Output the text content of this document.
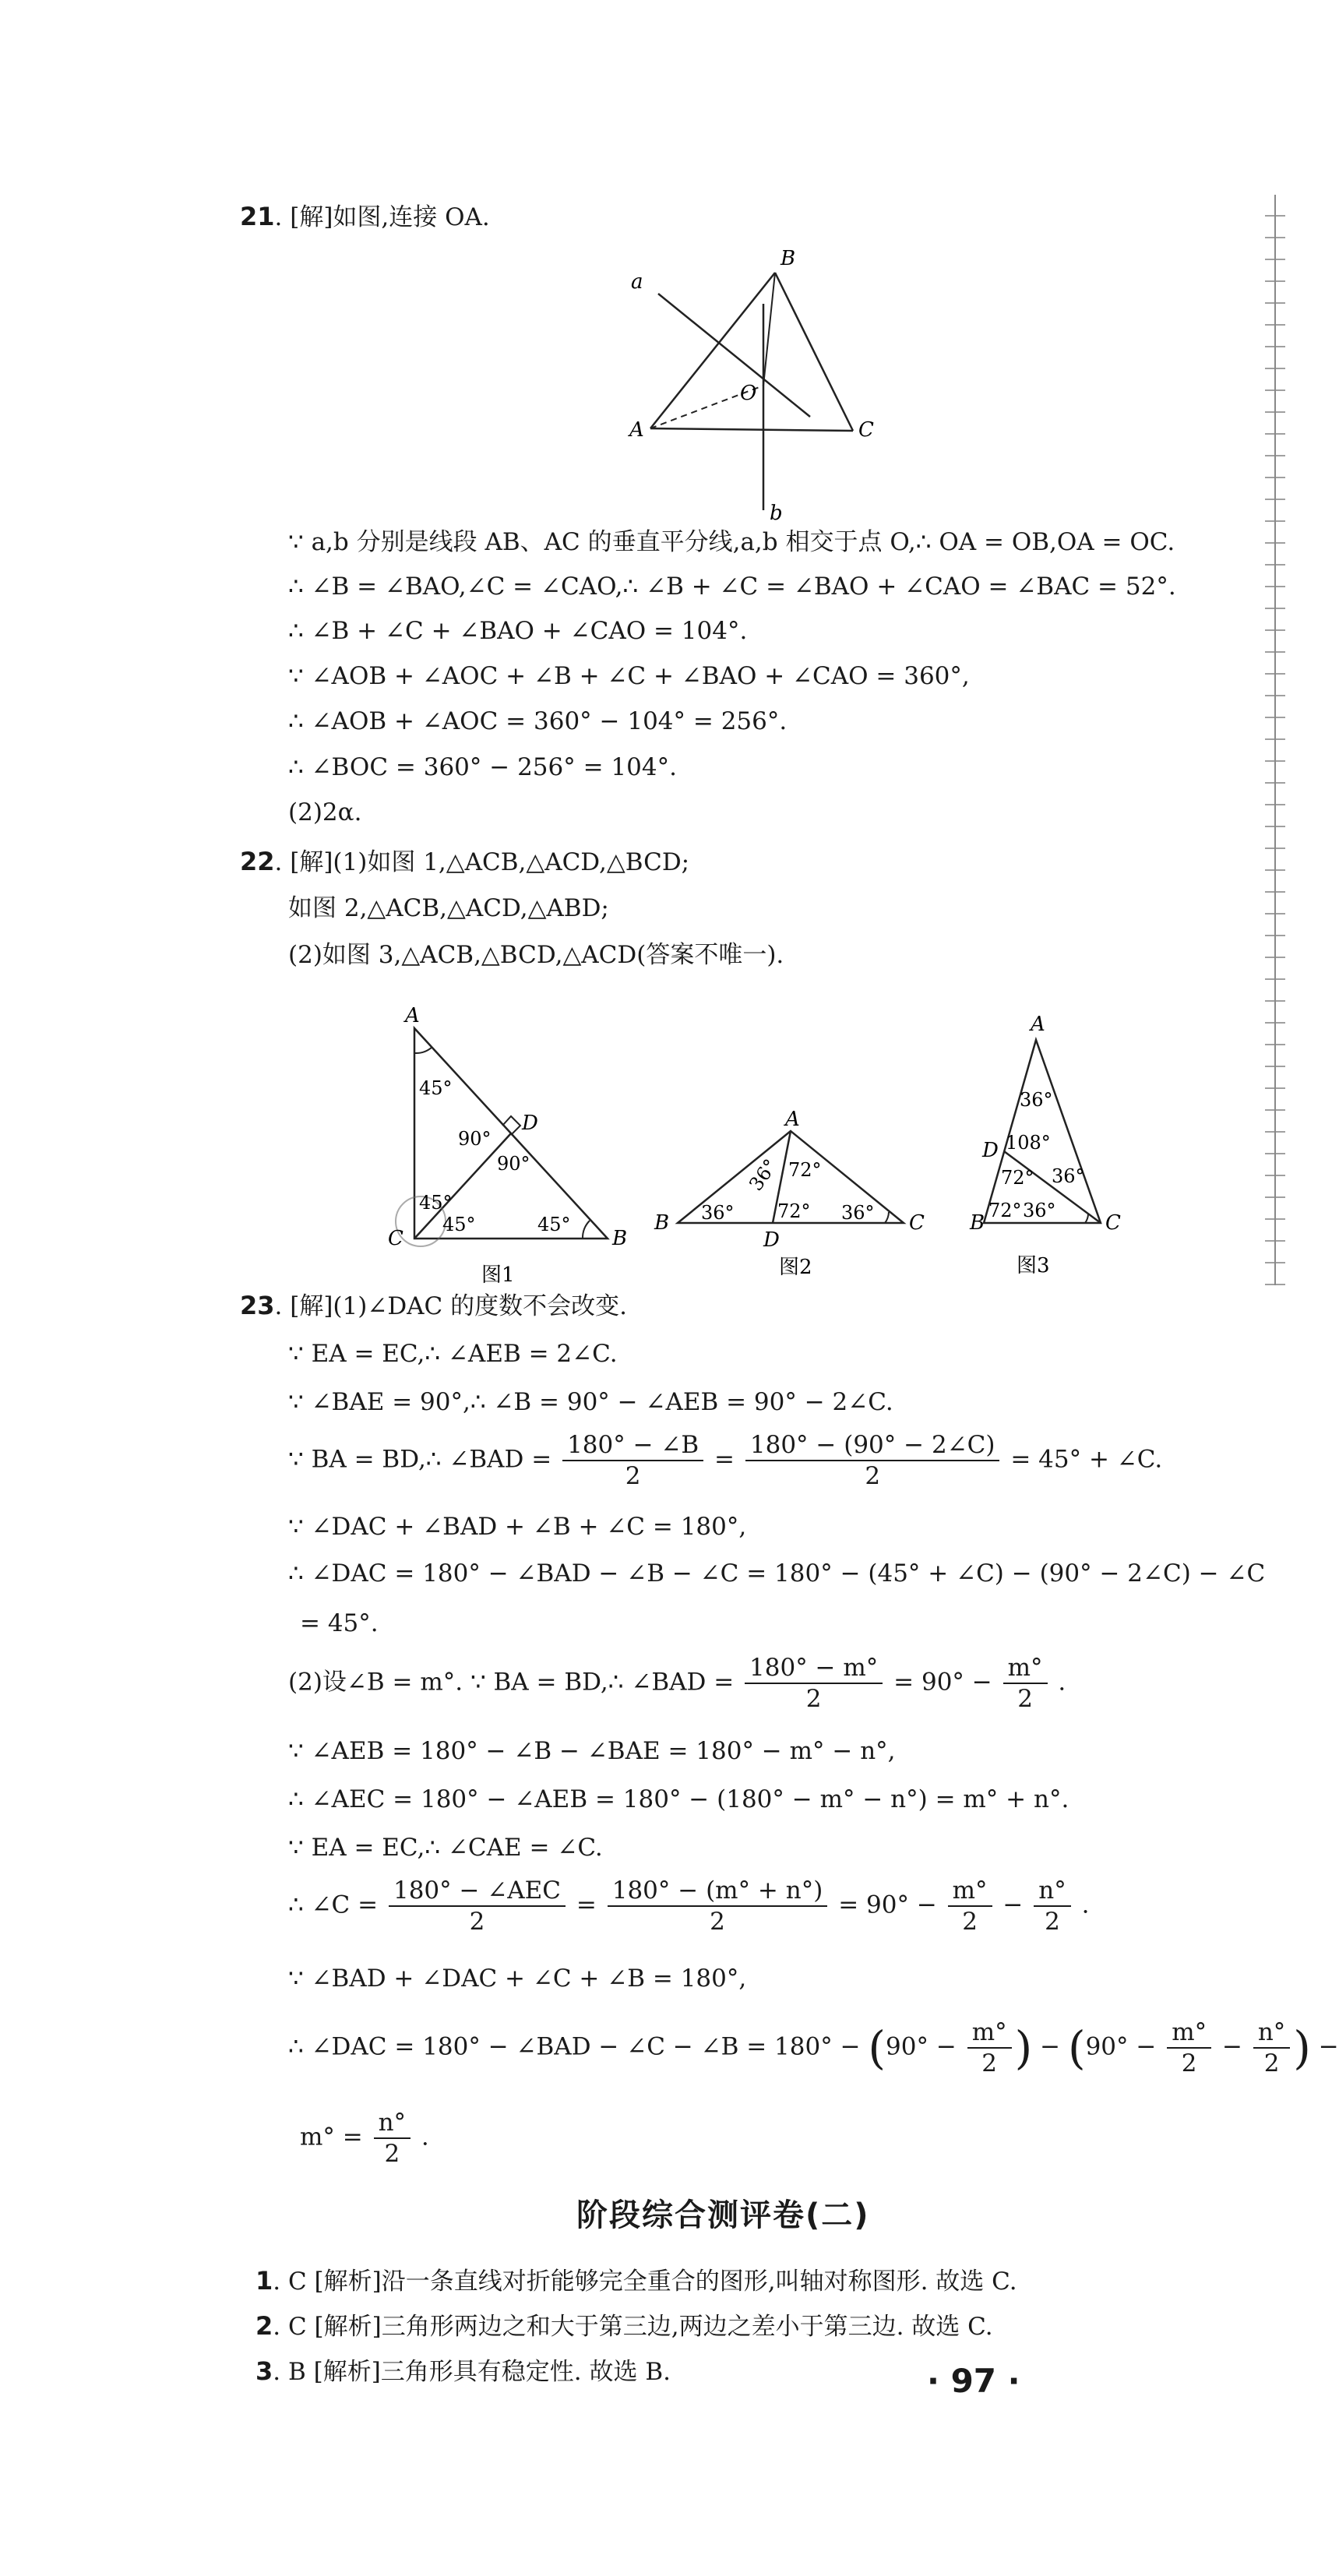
21. [解]如图,连接 OA.
a
B
O
A	C
b
∵ a,b 分别是线段 AB、AC 的垂直平分线,a,b 相交于点 O,∴ OA = OB,OA = OC.
∴ ∠B = ∠BAO,∠C = ∠CAO,∴ ∠B + ∠C = ∠BAO + ∠CAO = ∠BAC = 52°.
∴ ∠B + ∠C + ∠BAO + ∠CAO = 104°.
∵ ∠AOB + ∠AOC + ∠B + ∠C + ∠BAO + ∠CAO = 360°,
∴ ∠AOB + ∠AOC = 360° − 104° = 256°.
∴ ∠BOC = 360° − 256° = 104°.
(2)2α.
22. [解](1)如图 1,△ACB,△ACD,△BCD;
如图 2,△ACB,△ACD,△ABD;
(2)如图 3,△ACB,△BCD,△ACD(答案不唯一).
A
B
C
D
45°
90°
90°
45°
45°	45°
图1
A
B	C
D
36° 72°
36° 72° 36°
图2
A
B	C
D
36°
108°
72° 36°
72° 36°
图3
23. [解](1)∠DAC 的度数不会改变.
∵ EA = EC,∴ ∠AEB = 2∠C.
∵ ∠BAE = 90°,∴ ∠B = 90° − ∠AEB = 90° − 2∠C.
∵ BA = BD,∴ ∠BAD = $\frac{180^\circ - \angle B}{2} = \frac{180^\circ - (90^\circ - 2\angle C)}{2} = 45^\circ$ + ∠C.
∵ ∠DAC + ∠BAD + ∠B + ∠C = 180°,
∴ ∠DAC = 180° − ∠BAD − ∠B − ∠C = 180° − (45° + ∠C) − (90° − 2∠C) − ∠C
= 45°.
(2)设∠B = m°. ∵ BA = BD,∴ ∠BAD = $\frac{180^\circ - m^\circ}{2} = 90^\circ - \frac{m^\circ}{2}$ .
∵ ∠AEB = 180° − ∠B − ∠BAE = 180° − m° − n°,
∴ ∠AEC = 180° − ∠AEB = 180° − (180° − m° − n°) = m° + n°.
∵ EA = EC,∴ ∠CAE = ∠C.
∴ ∠C = $\frac{\text{180° − ∠AEC}}{2} = \frac{180^\circ - (m^\circ + n^\circ)}{2} = 90^\circ - \frac{m^\circ}{2} - \frac{n^\circ}{2}$ .
∵ ∠BAD + ∠DAC + ∠C + ∠B = 180°,
∴ ∠DAC = 180° − ∠BAD − ∠C − ∠B = $180^\circ - (90^\circ - \frac{m^\circ}{2}$ ) − ($90^\circ - \frac{m^\circ}{2} - \frac{n^\circ}{2}$ ) −
$m^\circ = \frac{n^\circ}{2}$ .
阶段综合测评卷(二)
1. C [解析]沿一条直线对折能够完全重合的图形,叫轴对称图形. 故选 C.
2. C [解析]三角形两边之和大于第三边,两边之差小于第三边. 故选 C.
3. B [解析]三角形具有稳定性. 故选 B.	· 97 ·
